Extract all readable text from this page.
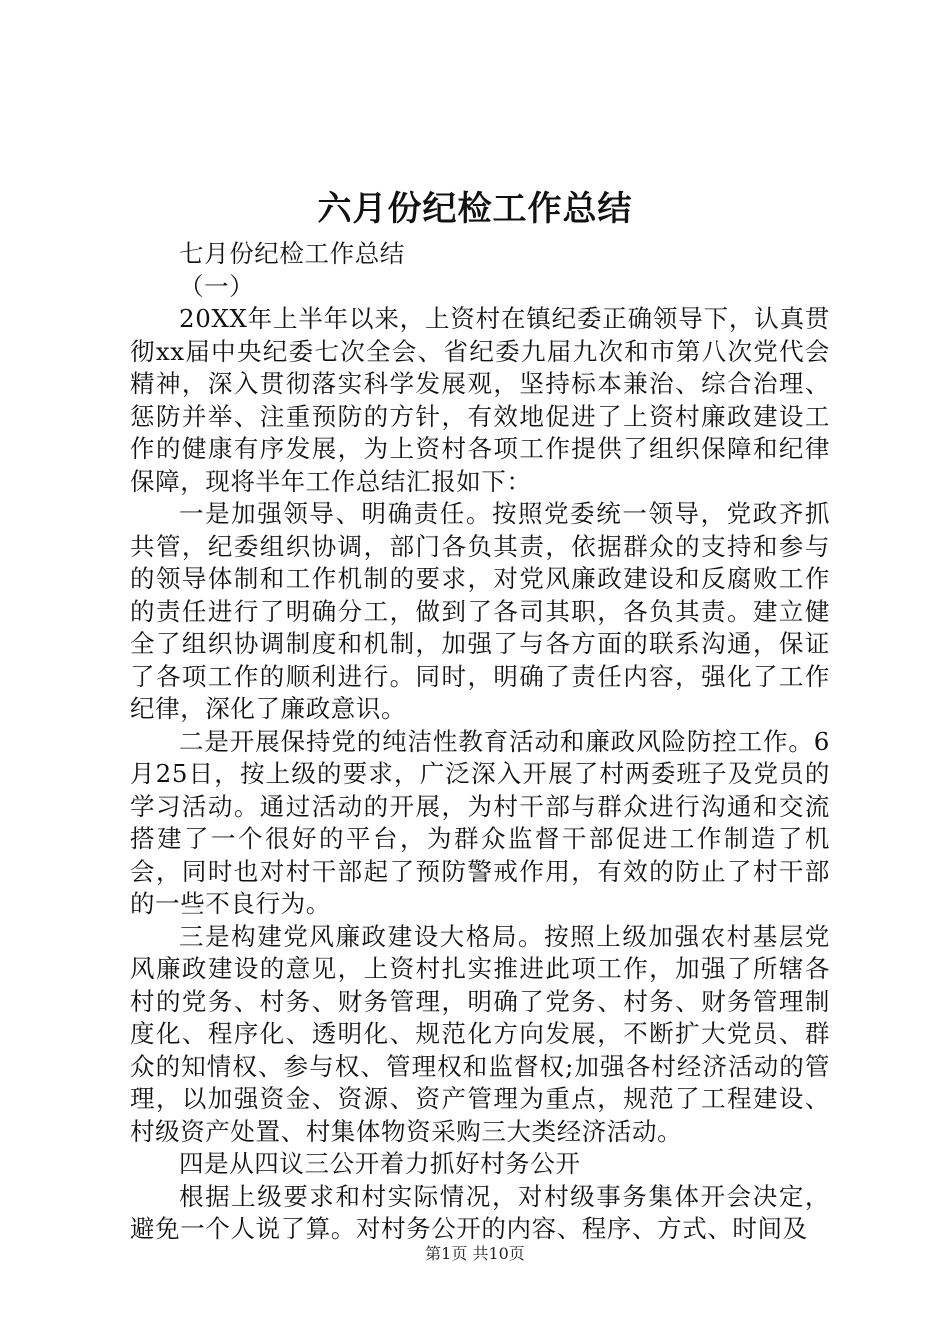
六月份纪检工作总结

七月份纪检工作总结

（一）

20XX年上半年以来，上资村在镇纪委正确领导下，认真贯彻xx届中央纪委七次全会、省纪委九届九次和市第八次党代会精神，深入贯彻落实科学发展观，坚持标本兼治、综合治理、惩防并举、注重预防的方针，有效地促进了上资村廉政建设工作的健康有序发展，为上资村各项工作提供了组织保障和纪律保障，现将半年工作总结汇报如下：

一是加强领导、明确责任。按照党委统一领导，党政齐抓共管，纪委组织协调，部门各负其责，依据群众的支持和参与的领导体制和工作机制的要求，对党风廉政建设和反腐败工作的责任进行了明确分工，做到了各司其职，各负其责。建立健全了组织协调制度和机制，加强了与各方面的联系沟通，保证了各项工作的顺利进行。同时，明确了责任内容，强化了工作纪律，深化了廉政意识。

二是开展保持党的纯洁性教育活动和廉政风险防控工作。6月25日，按上级的要求，广泛深入开展了村两委班子及党员的学习活动。通过活动的开展，为村干部与群众进行沟通和交流搭建了一个很好的平台，为群众监督干部促进工作制造了机会，同时也对村干部起了预防警戒作用，有效的防止了村干部的一些不良行为。

三是构建党风廉政建设大格局。按照上级加强农村基层党风廉政建设的意见，上资村扎实推进此项工作，加强了所辖各村的党务、村务、财务管理，明确了党务、村务、财务管理制度化、程序化、透明化、规范化方向发展，不断扩大党员、群众的知情权、参与权、管理权和监督权;加强各村经济活动的管理，以加强资金、资源、资产管理为重点，规范了工程建设、村级资产处置、村集体物资采购三大类经济活动。

四是从四议三公开着力抓好村务公开

根据上级要求和村实际情况，对村级事务集体开会决定，避免一个人说了算。对村务公开的内容、程序、方式、时间及

第1页 共10页
